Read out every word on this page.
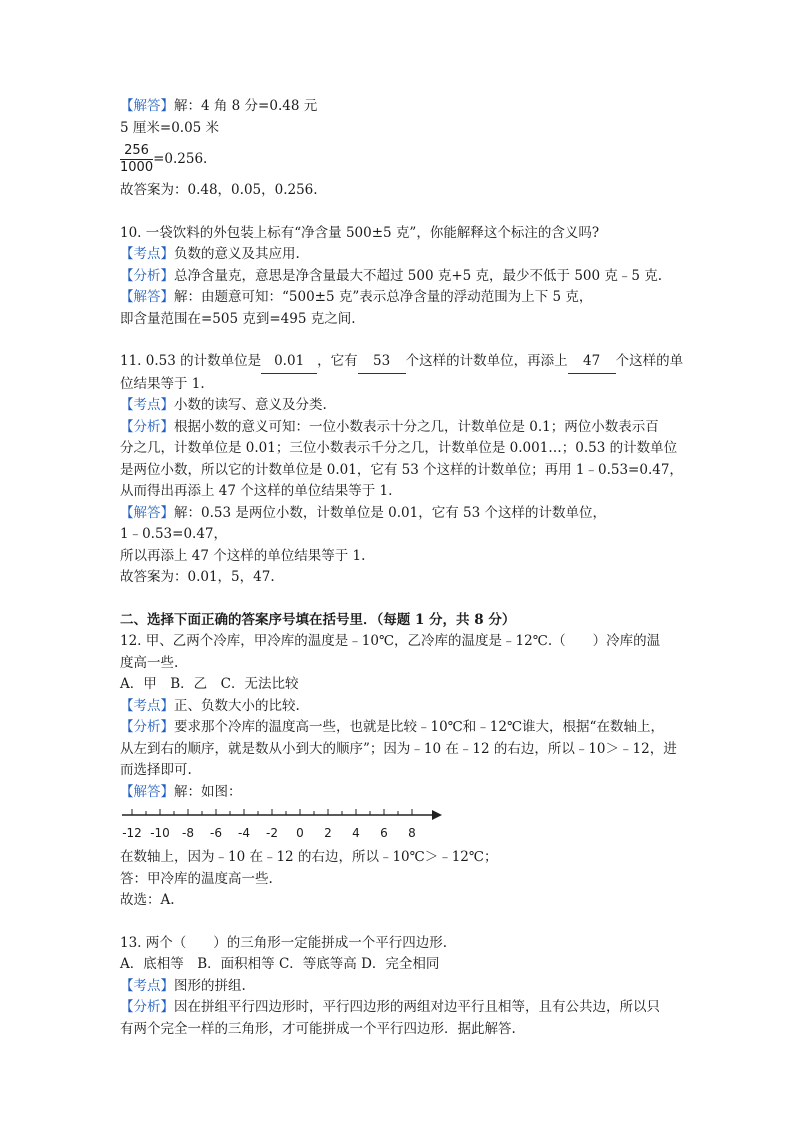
【解答】解：4 角 8 分=0.48 元
5 厘米=0.05 米
$\frac{256}{1000} =0.256$.
故答案为：0.48，0.05，0.256.
10. 一袋饮料的外包装上标有“净含量 500±5 克”，你能解释这个标注的含义吗?
【考点】负数的意义及其应用.
【分析】总净含量克，意思是净含量最大不超过 500 克+5 克，最少不低于 500 克﹣5 克.
【解答】解：由题意可知：“500±5 克”表示总净含量的浮动范围为上下 5 克，
即含量范围在=505 克到=495 克之间.
11. 0.53 的计数单位是 0.01 ，它有 53 个这样的计数单位，再添上 47 个这样的单
位结果等于 1.
【考点】小数的读写、意义及分类.
【分析】根据小数的意义可知：一位小数表示十分之几，计数单位是 0.1；两位小数表示百
分之几，计数单位是 0.01；三位小数表示千分之几，计数单位是 0.001…；0.53 的计数单位
是两位小数，所以它的计数单位是 0.01，它有 53 个这样的计数单位；再用 1﹣0.53=0.47，
从而得出再添上 47 个这样的单位结果等于 1.
【解答】解：0.53 是两位小数，计数单位是 0.01，它有 53 个这样的计数单位，
1﹣0.53=0.47，
所以再添上 47 个这样的单位结果等于 1.
故答案为：0.01，5，47.
二、选择下面正确的答案序号填在括号里．（每题 1 分，共 8 分）
12. 甲、乙两个冷库，甲冷库的温度是﹣10℃，乙冷库的温度是﹣12℃.（　　）冷库的温
度高一些.
A．甲　B．乙　C．无法比较
【考点】正、负数大小的比较.
【分析】要求那个冷库的温度高一些，也就是比较﹣10℃和﹣12℃谁大，根据“在数轴上，
从左到右的顺序，就是数从小到大的顺序”；因为﹣10 在﹣12 的右边，所以﹣10＞﹣12，进
而选择即可.
【解答】解：如图：
-12 -10 -8 -6 -4 -2 0 2 4 6 8
在数轴上，因为﹣10 在﹣12 的右边，所以﹣10℃＞﹣12℃；
答：甲冷库的温度高一些.
故选：A.
13. 两个（　　）的三角形一定能拼成一个平行四边形.
A．底相等　B．面积相等 C．等底等高 D．完全相同
【考点】图形的拼组.
【分析】因在拼组平行四边形时，平行四边形的两组对边平行且相等，且有公共边，所以只
有两个完全一样的三角形，才可能拼成一个平行四边形．据此解答.
